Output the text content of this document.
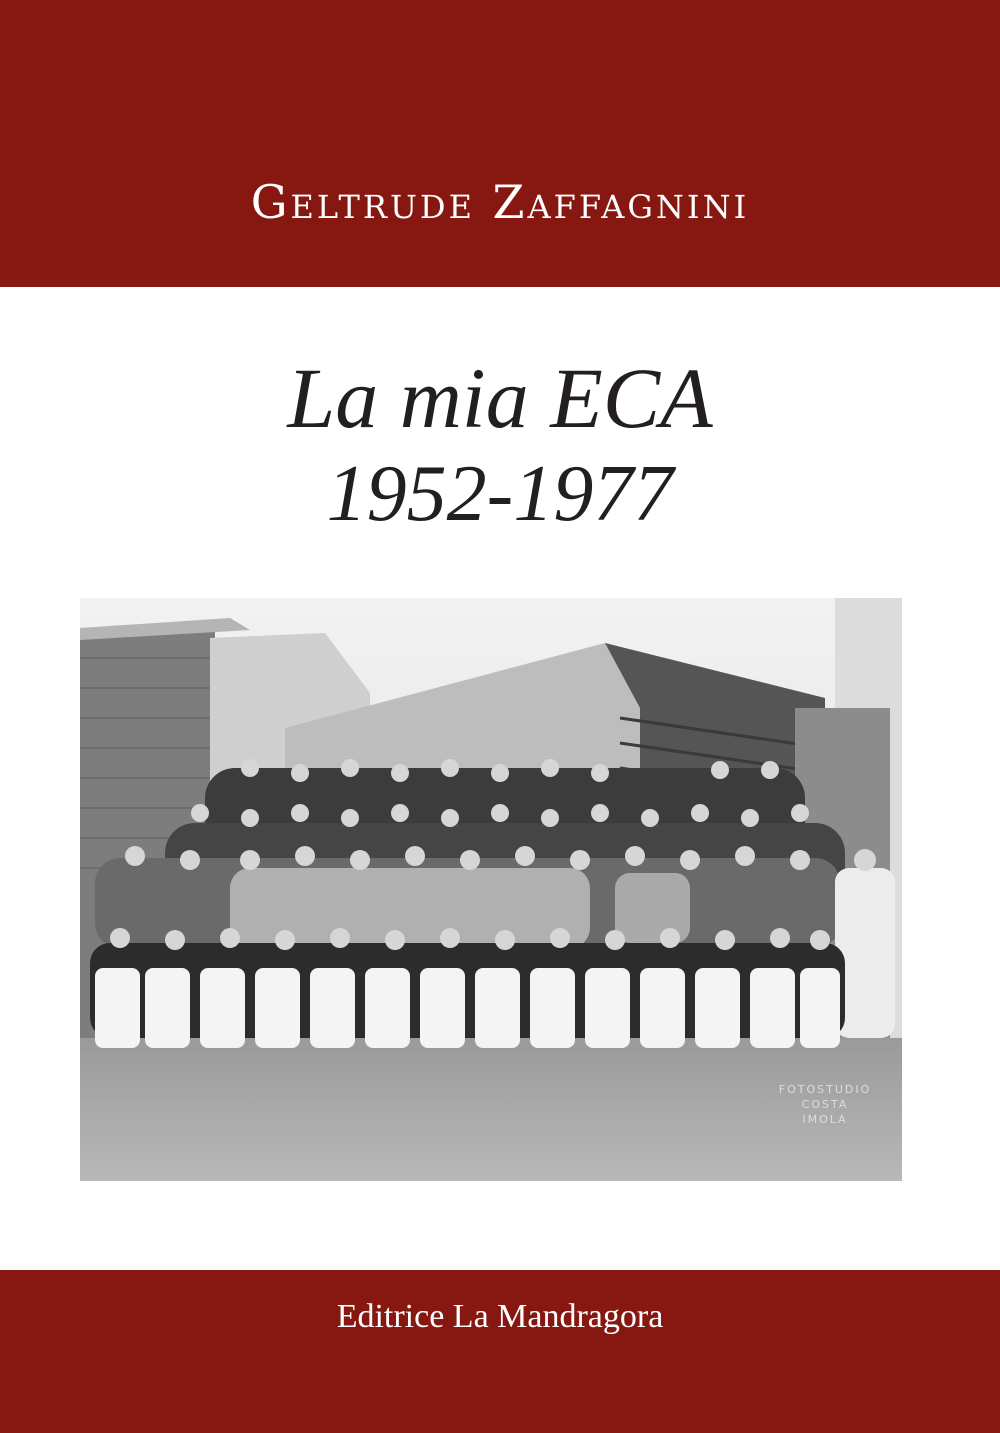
Geltrude Zaffagnini
La mia ECA
1952-1977
FOTOSTUDIO
COSTA
IMOLA
Editrice La Mandragora
